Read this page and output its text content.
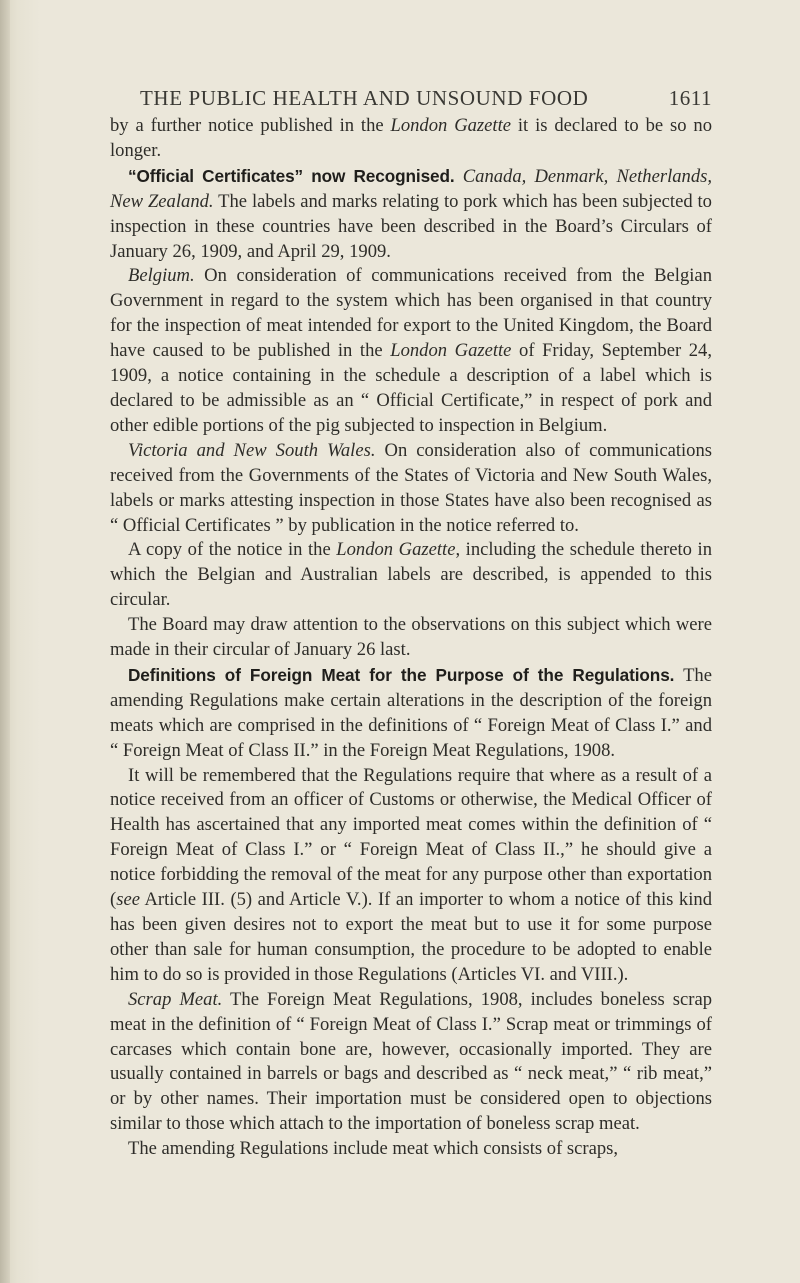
THE PUBLIC HEALTH AND UNSOUND FOOD	1611

by a further notice published in the London Gazette it is declared to be so no longer.

“Official Certificates” now Recognised. Canada, Denmark, Netherlands, New Zealand. The labels and marks relating to pork which has been subjected to inspection in these countries have been described in the Board’s Circulars of January 26, 1909, and April 29, 1909.

Belgium. On consideration of communications received from the Belgian Government in regard to the system which has been organised in that country for the inspection of meat intended for export to the United Kingdom, the Board have caused to be published in the London Gazette of Friday, September 24, 1909, a notice containing in the schedule a description of a label which is declared to be admissible as an “ Official Certificate,” in respect of pork and other edible portions of the pig subjected to inspection in Belgium.

Victoria and New South Wales. On consideration also of communications received from the Governments of the States of Victoria and New South Wales, labels or marks attesting inspection in those States have also been recognised as “ Official Certificates ” by publication in the notice referred to.

A copy of the notice in the London Gazette, including the schedule thereto in which the Belgian and Australian labels are described, is appended to this circular.

The Board may draw attention to the observations on this subject which were made in their circular of January 26 last.

Definitions of Foreign Meat for the Purpose of the Regulations. The amending Regulations make certain alterations in the description of the foreign meats which are comprised in the definitions of “ Foreign Meat of Class I.” and “ Foreign Meat of Class II.” in the Foreign Meat Regulations, 1908.

It will be remembered that the Regulations require that where as a result of a notice received from an officer of Customs or otherwise, the Medical Officer of Health has ascertained that any imported meat comes within the definition of “ Foreign Meat of Class I.” or “ Foreign Meat of Class II.,” he should give a notice forbidding the removal of the meat for any purpose other than exportation (see Article III. (5) and Article V.). If an importer to whom a notice of this kind has been given desires not to export the meat but to use it for some purpose other than sale for human consumption, the procedure to be adopted to enable him to do so is provided in those Regulations (Articles VI. and VIII.).

Scrap Meat. The Foreign Meat Regulations, 1908, includes boneless scrap meat in the definition of “ Foreign Meat of Class I.” Scrap meat or trimmings of carcases which contain bone are, however, occasionally imported. They are usually contained in barrels or bags and described as “ neck meat,” “ rib meat,” or by other names. Their importation must be considered open to objections similar to those which attach to the importation of boneless scrap meat.

The amending Regulations include meat which consists of scraps,
